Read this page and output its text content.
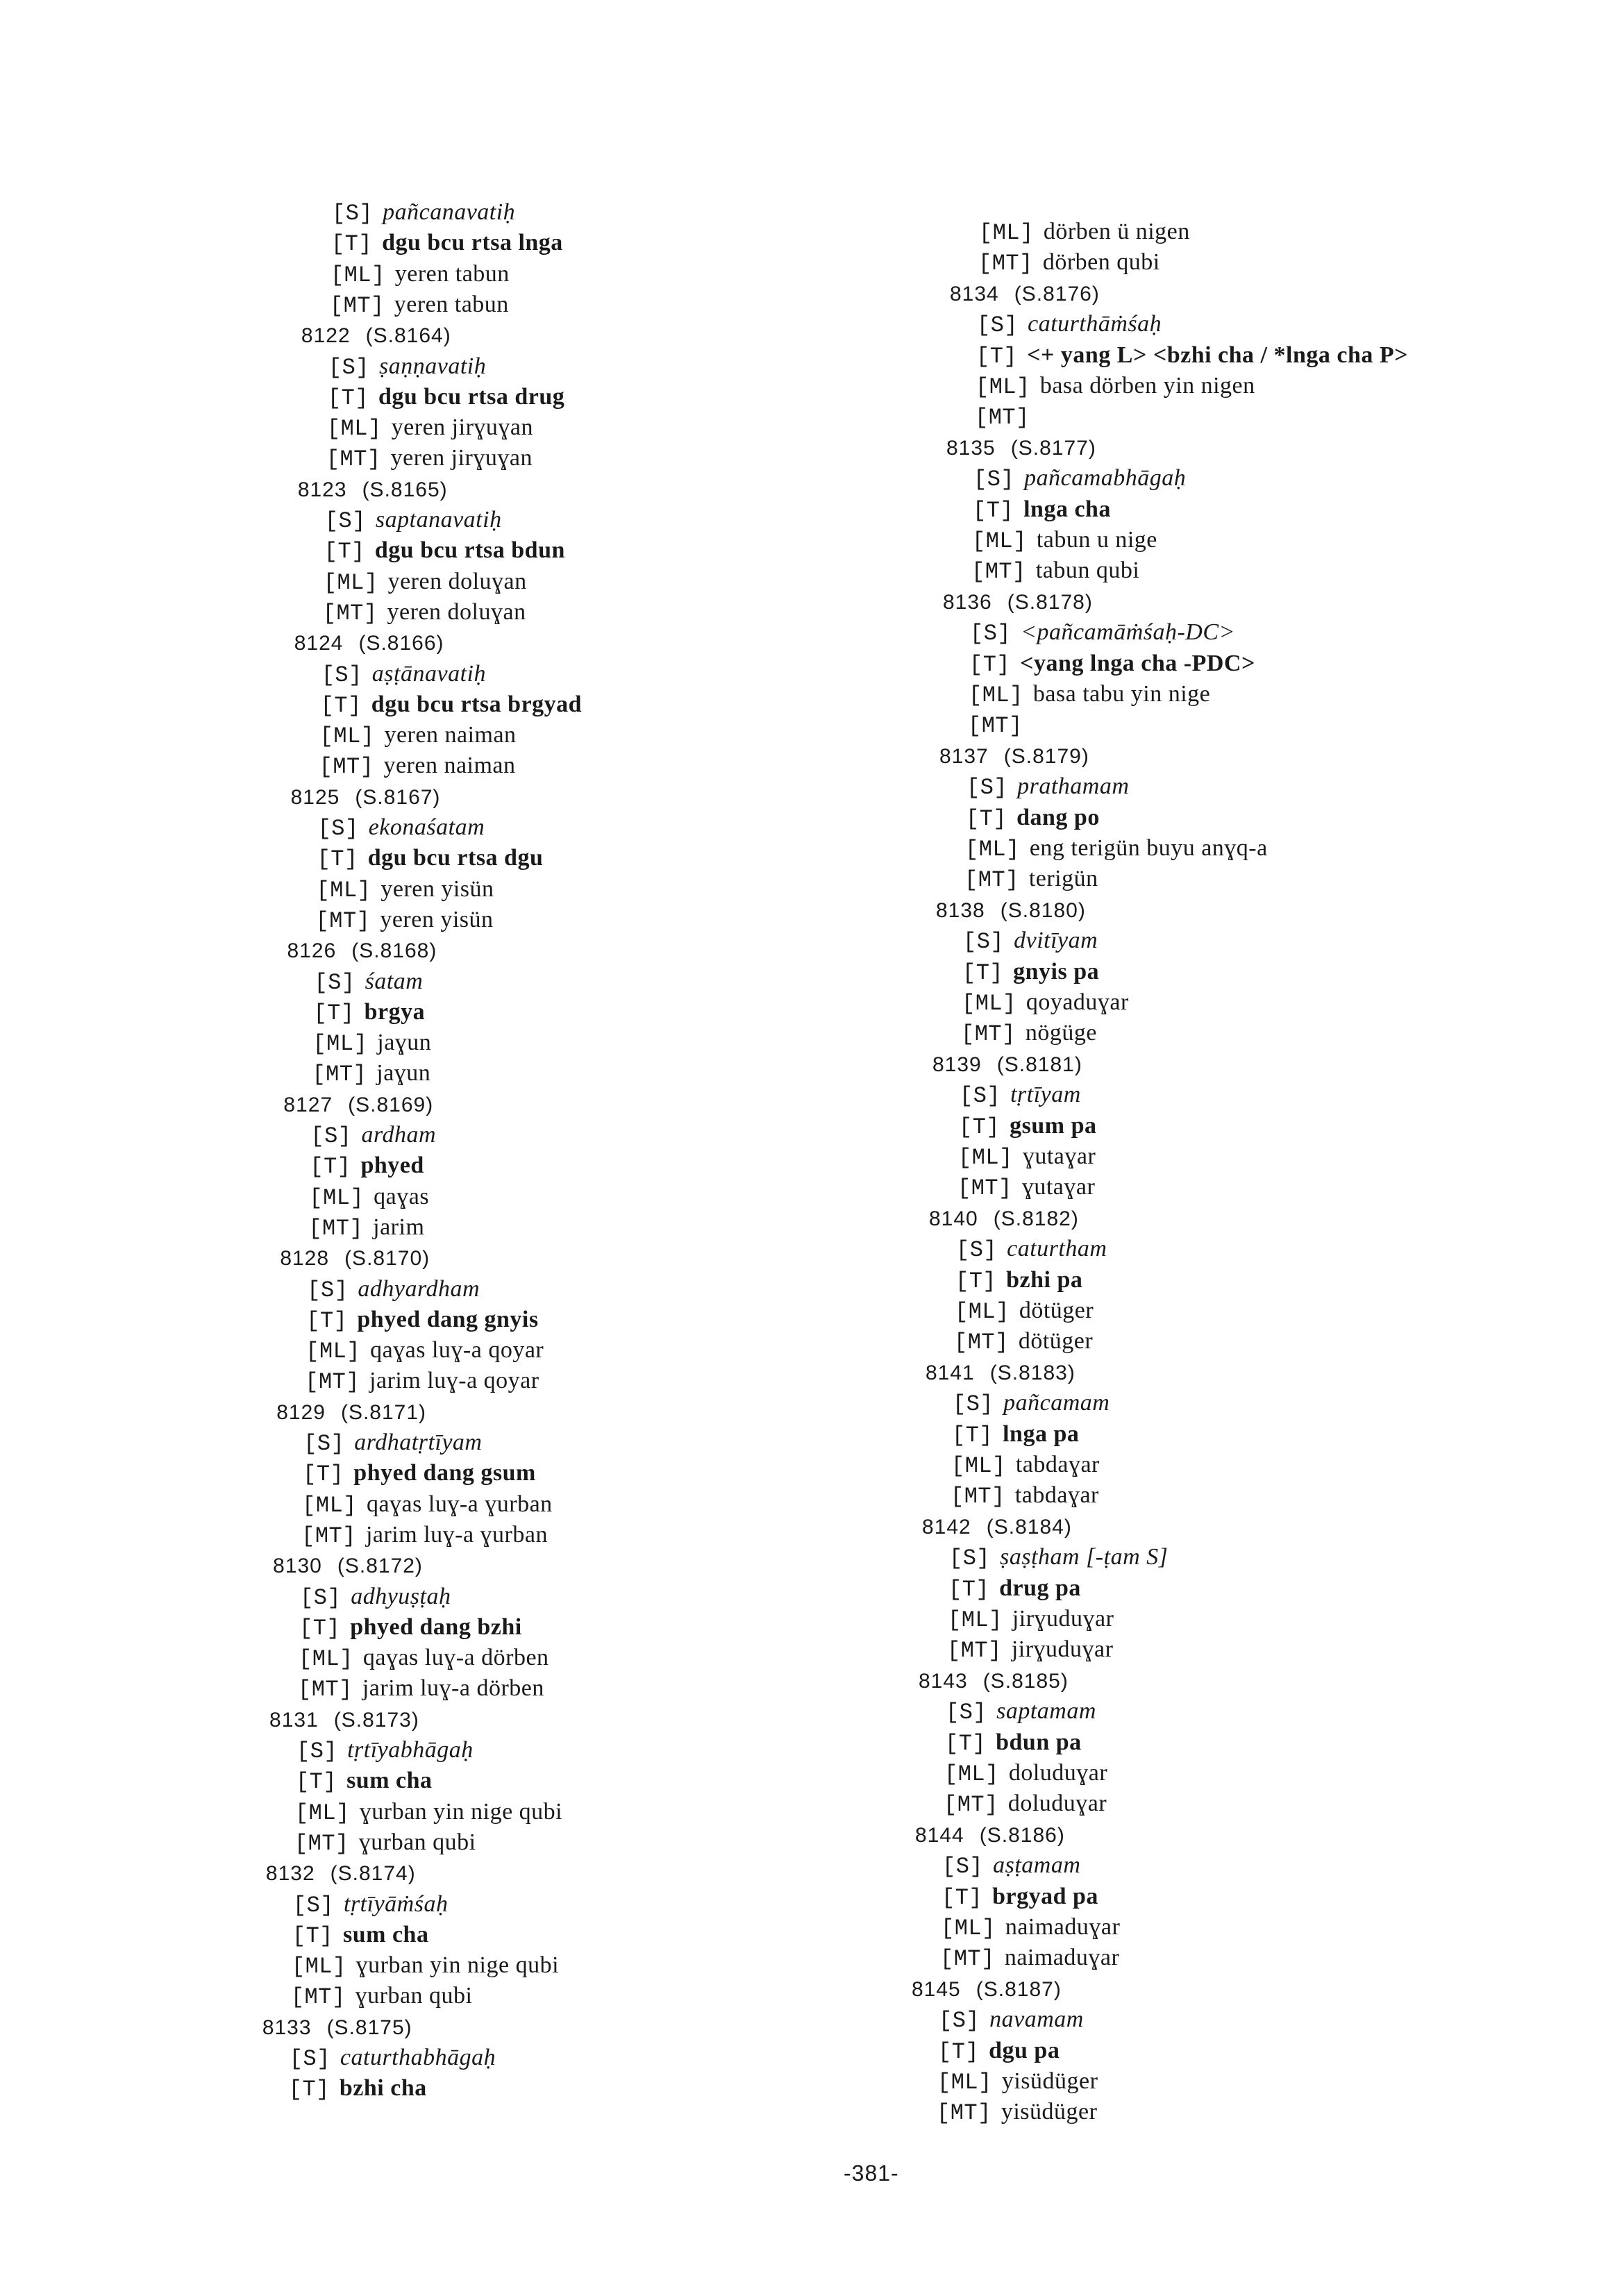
[S] pañcanavatiḥ
[T] dgu bcu rtsa lnga
[ML] yeren tabun
[MT] yeren tabun
8122 (S.8164)
[S] ṣaṇṇavatiḥ
[T] dgu bcu rtsa drug
[ML] yeren jirɣuɣan
[MT] yeren jirɣuɣan
8123 (S.8165)
[S] saptanavatiḥ
[T] dgu bcu rtsa bdun
[ML] yeren doluɣan
[MT] yeren doluɣan
8124 (S.8166)
[S] aṣṭānavatiḥ
[T] dgu bcu rtsa brgyad
[ML] yeren naiman
[MT] yeren naiman
8125 (S.8167)
[S] ekonaśatam
[T] dgu bcu rtsa dgu
[ML] yeren yisün
[MT] yeren yisün
8126 (S.8168)
[S] śatam
[T] brgya
[ML] jaɣun
[MT] jaɣun
8127 (S.8169)
[S] ardham
[T] phyed
[ML] qaɣas
[MT] jarim
8128 (S.8170)
[S] adhyardham
[T] phyed dang gnyis
[ML] qaɣas luɣ-a qoyar
[MT] jarim luɣ-a qoyar
8129 (S.8171)
[S] ardhatṛtīyam
[T] phyed dang gsum
[ML] qaɣas luɣ-a ɣurban
[MT] jarim luɣ-a ɣurban
8130 (S.8172)
[S] adhyuṣṭaḥ
[T] phyed dang bzhi
[ML] qaɣas luɣ-a dörben
[MT] jarim luɣ-a dörben
8131 (S.8173)
[S] tṛtīyabhāgaḥ
[T] sum cha
[ML] ɣurban yin nige qubi
[MT] ɣurban qubi
8132 (S.8174)
[S] tṛtīyāṁśaḥ
[T] sum cha
[ML] ɣurban yin nige qubi
[MT] ɣurban qubi
8133 (S.8175)
[S] caturthabhāgaḥ
[T] bzhi cha
[ML] dörben ü nigen
[MT] dörben qubi
8134 (S.8176)
[S] caturthāṁśaḥ
[T] <+ yang L> <bzhi cha / *lnga cha P>
[ML] basa dörben yin nigen
[MT]
8135 (S.8177)
[S] pañcamabhāgaḥ
[T] lnga cha
[ML] tabun u nige
[MT] tabun qubi
8136 (S.8178)
[S] <pañcamāṁśaḥ-DC>
[T] <yang lnga cha -PDC>
[ML] basa tabu yin nige
[MT]
8137 (S.8179)
[S] prathamam
[T] dang po
[ML] eng terigün buyu anɣq-a
[MT] terigün
8138 (S.8180)
[S] dvitīyam
[T] gnyis pa
[ML] qoyaduɣar
[MT] nögüge
8139 (S.8181)
[S] tṛtīyam
[T] gsum pa
[ML] ɣutaɣar
[MT] ɣutaɣar
8140 (S.8182)
[S] caturtham
[T] bzhi pa
[ML] dötüger
[MT] dötüger
8141 (S.8183)
[S] pañcamam
[T] lnga pa
[ML] tabdaɣar
[MT] tabdaɣar
8142 (S.8184)
[S] ṣaṣṭham [-ṭam S]
[T] drug pa
[ML] jirɣuduɣar
[MT] jirɣuduɣar
8143 (S.8185)
[S] saptamam
[T] bdun pa
[ML] doluduɣar
[MT] doluduɣar
8144 (S.8186)
[S] aṣṭamam
[T] brgyad pa
[ML] naimaduɣar
[MT] naimaduɣar
8145 (S.8187)
[S] navamam
[T] dgu pa
[ML] yisüdüger
[MT] yisüdüger
-381-
